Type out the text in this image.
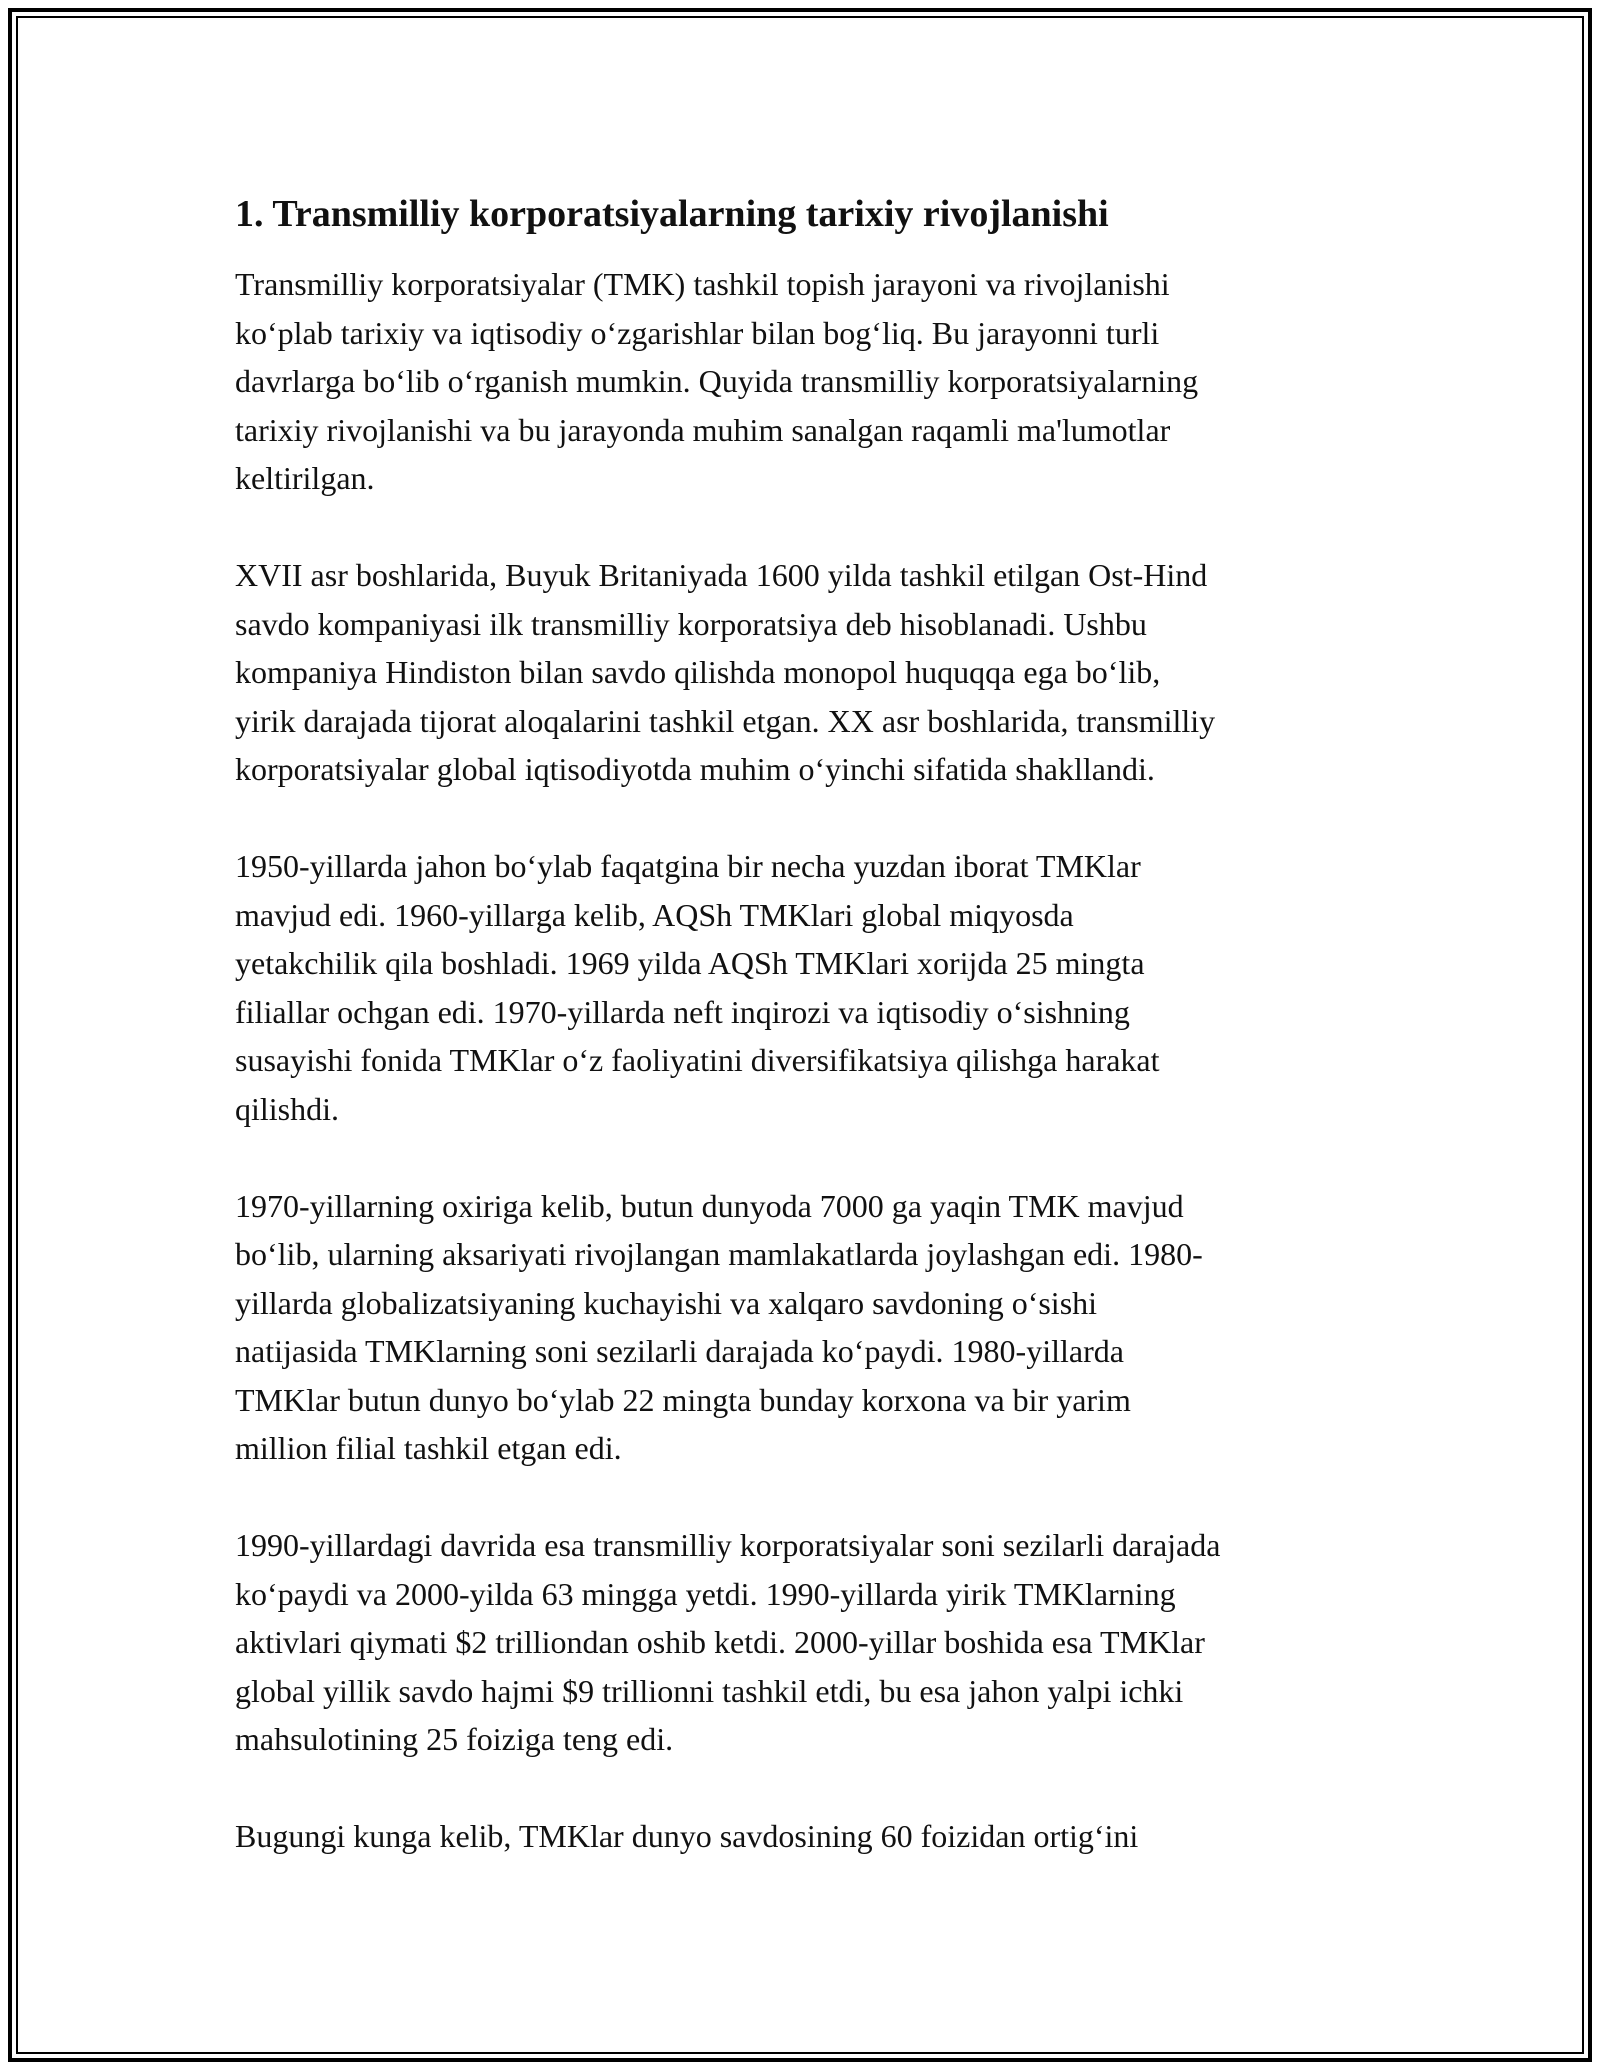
1. Transmilliy korporatsiyalarning tarixiy rivojlanishi

Transmilliy korporatsiyalar (TMK) tashkil topish jarayoni va rivojlanishi
koʻplab tarixiy va iqtisodiy oʻzgarishlar bilan bogʻliq. Bu jarayonni turli
davrlarga boʻlib oʻrganish mumkin. Quyida transmilliy korporatsiyalarning
tarixiy rivojlanishi va bu jarayonda muhim sanalgan raqamli ma'lumotlar
keltirilgan.

XVII asr boshlarida, Buyuk Britaniyada 1600 yilda tashkil etilgan Ost-Hind
savdo kompaniyasi ilk transmilliy korporatsiya deb hisoblanadi. Ushbu
kompaniya Hindiston bilan savdo qilishda monopol huquqqa ega boʻlib,
yirik darajada tijorat aloqalarini tashkil etgan. XX asr boshlarida, transmilliy
korporatsiyalar global iqtisodiyotda muhim oʻyinchi sifatida shakllandi.

1950-yillarda jahon boʻylab faqatgina bir necha yuzdan iborat TMKlar
mavjud edi. 1960-yillarga kelib, AQSh TMKlari global miqyosda
yetakchilik qila boshladi. 1969 yilda AQSh TMKlari xorijda 25 mingta
filiallar ochgan edi. 1970-yillarda neft inqirozi va iqtisodiy oʻsishning
susayishi fonida TMKlar oʻz faoliyatini diversifikatsiya qilishga harakat
qilishdi.

1970-yillarning oxiriga kelib, butun dunyoda 7000 ga yaqin TMK mavjud
boʻlib, ularning aksariyati rivojlangan mamlakatlarda joylashgan edi. 1980-
yillarda globalizatsiyaning kuchayishi va xalqaro savdoning oʻsishi
natijasida TMKlarning soni sezilarli darajada koʻpaydi. 1980-yillarda
TMKlar butun dunyo boʻylab 22 mingta bunday korxona va bir yarim
million filial tashkil etgan edi.

1990-yillardagi davrida esa transmilliy korporatsiyalar soni sezilarli darajada
koʻpaydi va 2000-yilda 63 mingga yetdi. 1990-yillarda yirik TMKlarning
aktivlari qiymati $2 trilliondan oshib ketdi. 2000-yillar boshida esa TMKlar
global yillik savdo hajmi $9 trillionni tashkil etdi, bu esa jahon yalpi ichki
mahsulotining 25 foiziga teng edi.

Bugungi kunga kelib, TMKlar dunyo savdosining 60 foizidan ortigʻini
